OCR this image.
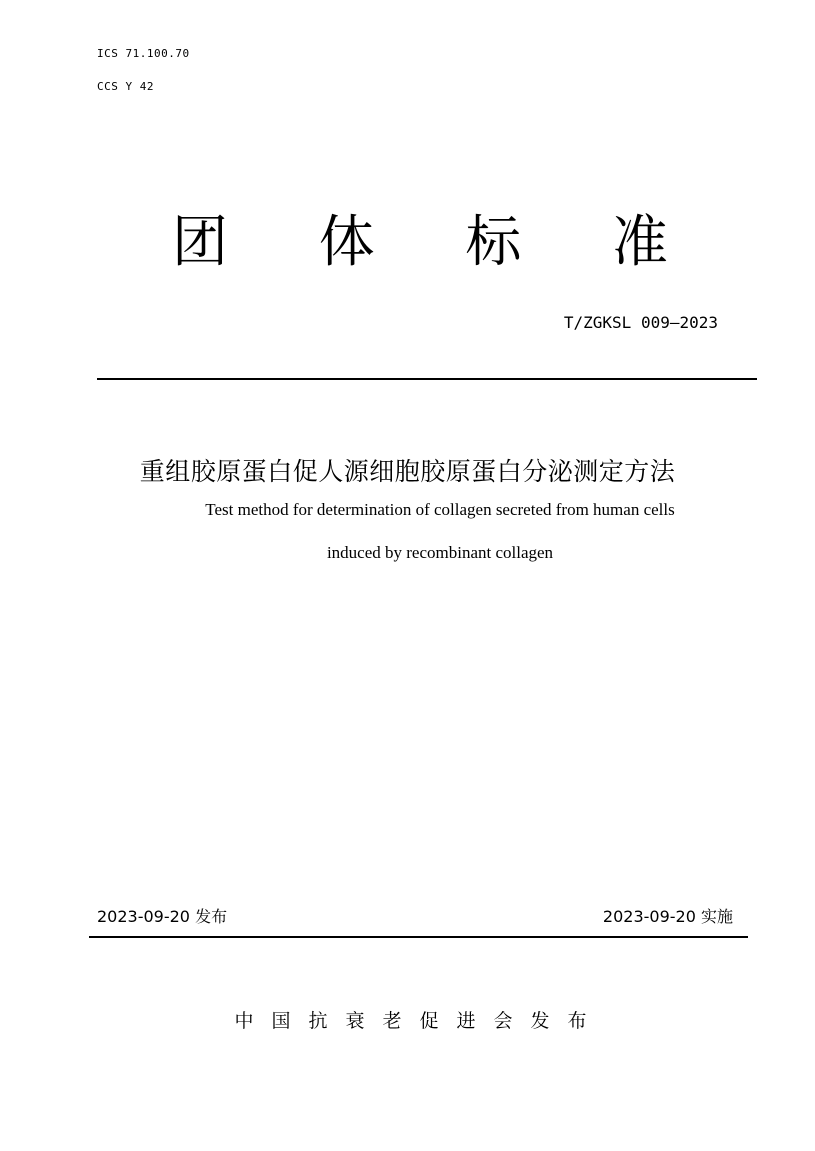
ICS 71.100.70
CCS Y 42
团	体	标	准
T/ZGKSL 009—2023
重组胶原蛋白促人源细胞胶原蛋白分泌测定方法
Test method for determination of collagen secreted from human cells
induced by recombinant collagen
2023-09-20 发布	2023-09-20 实施
中国抗衰老促进会发布
